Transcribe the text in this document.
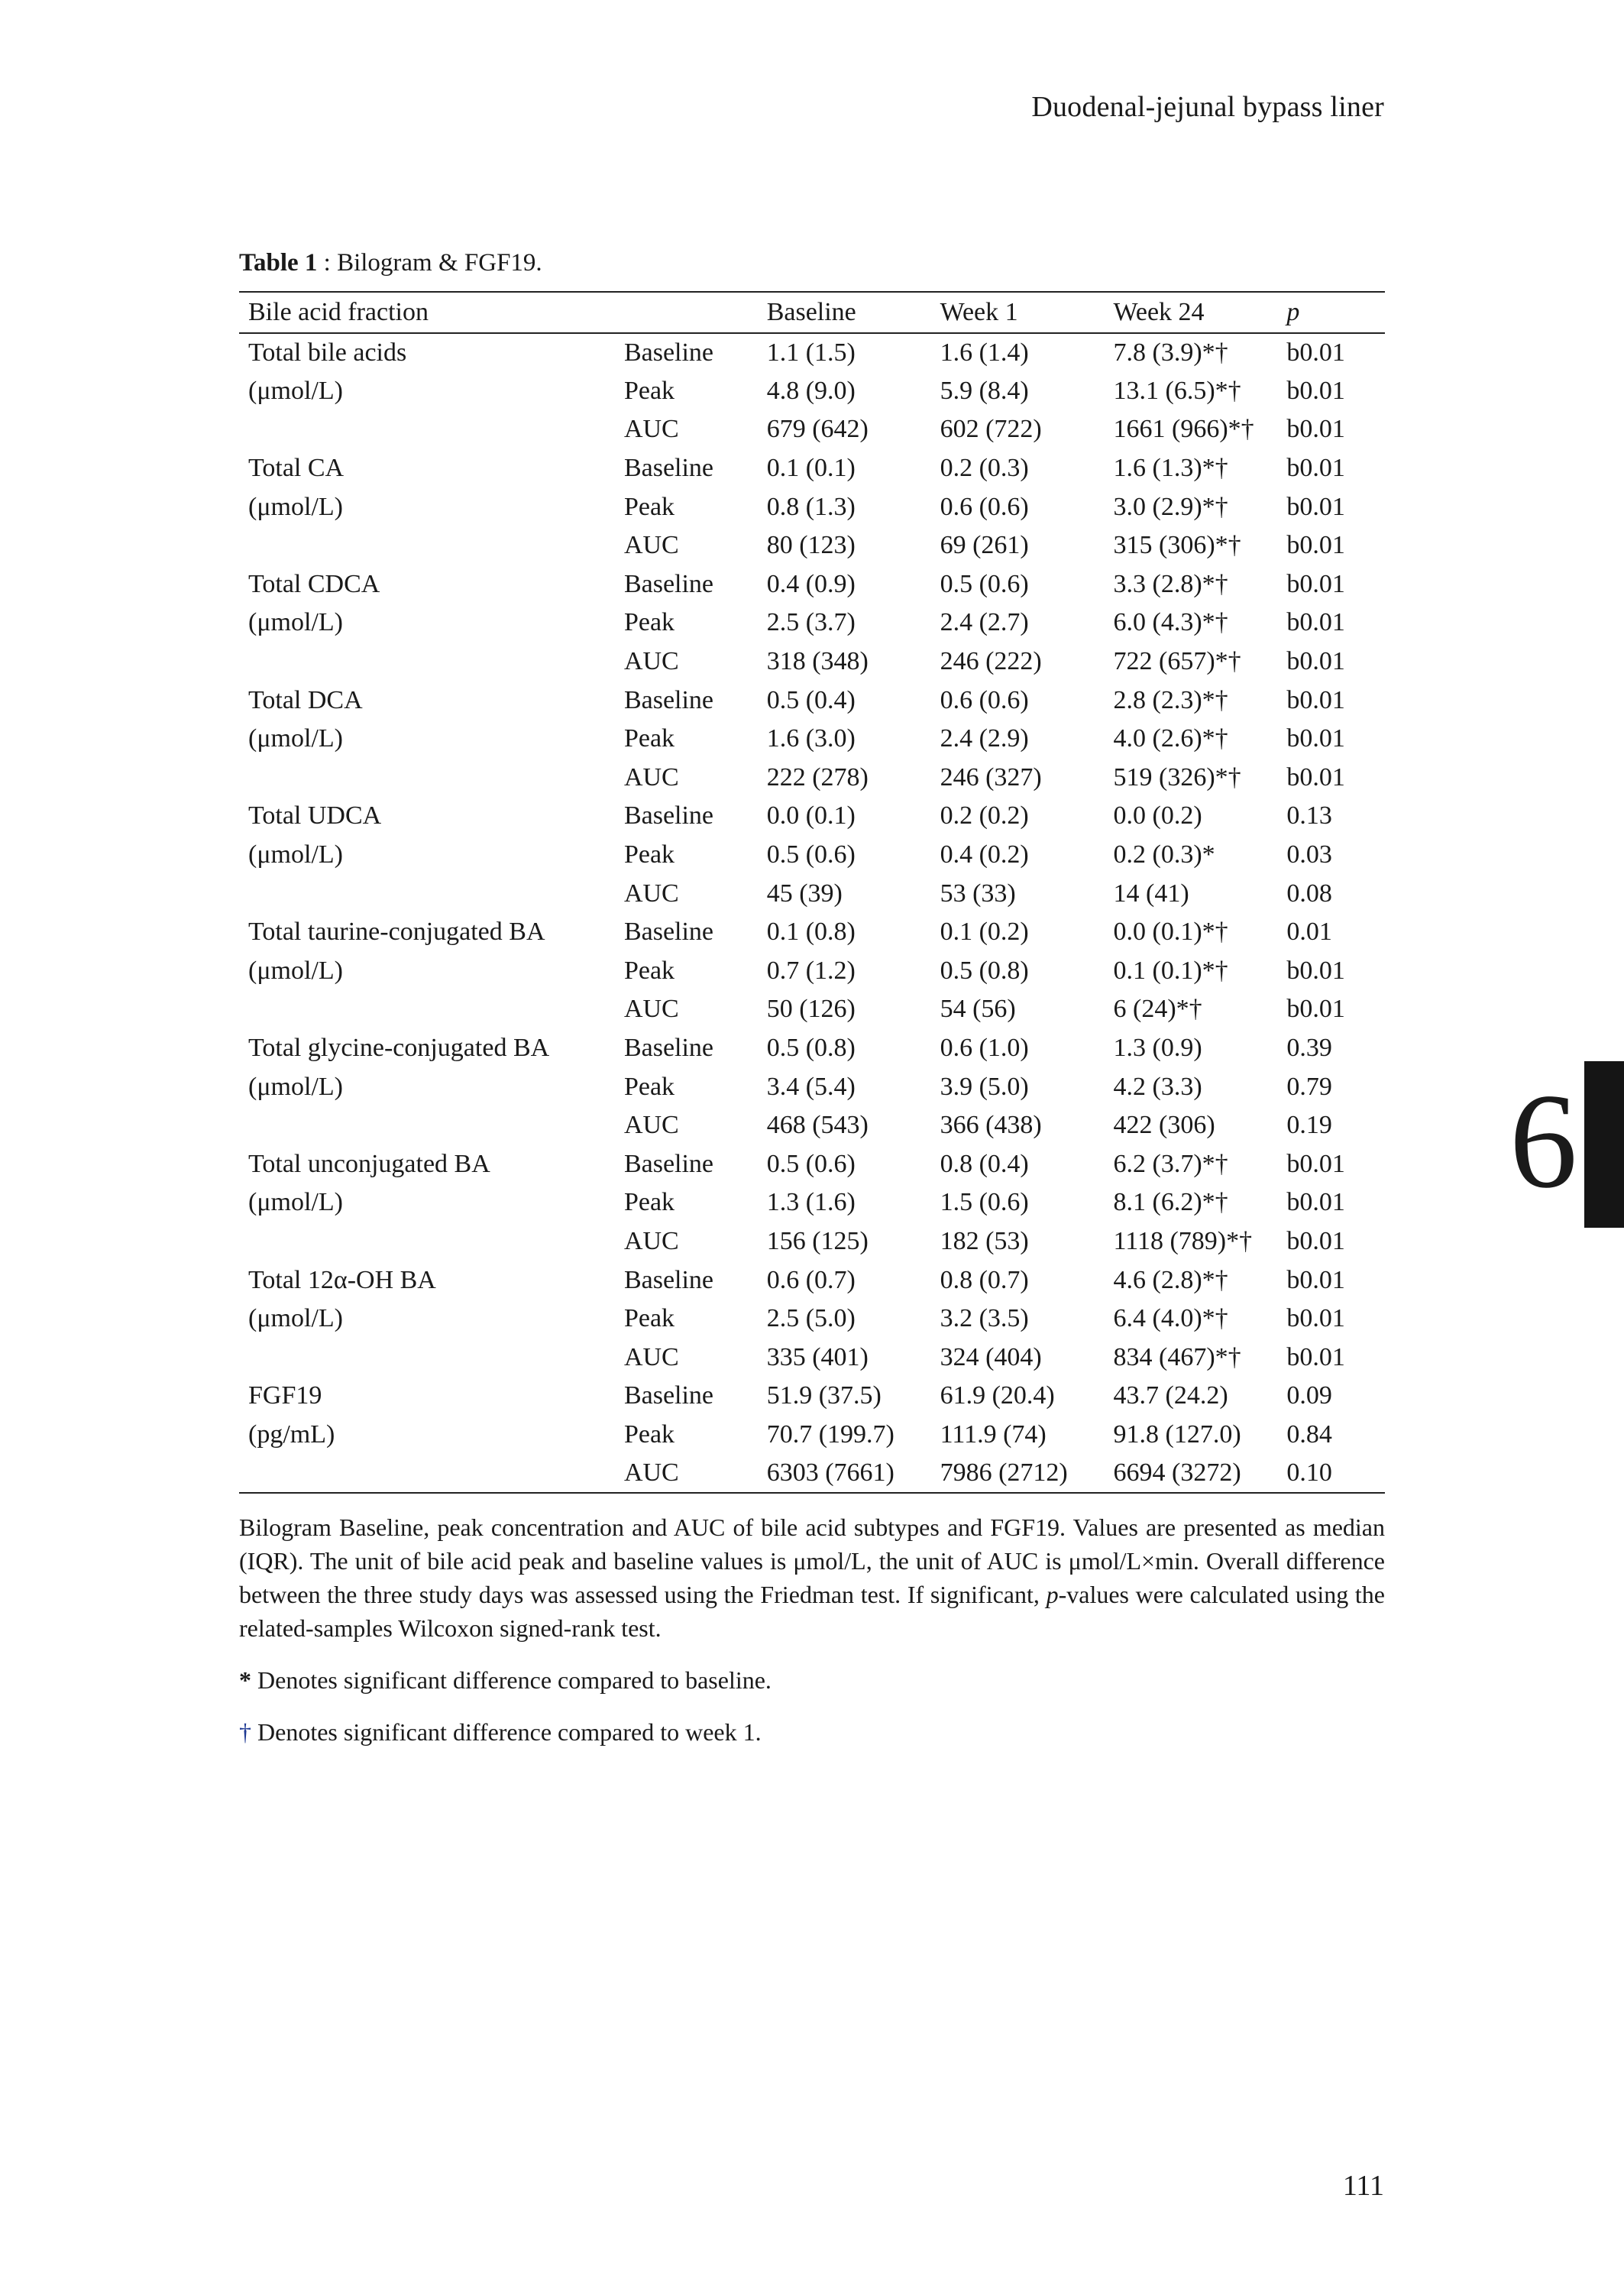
Duodenal-jejunal bypass liner
Table 1 : Bilogram & FGF19.
Bile acid fraction		Baseline	Week 1	Week 24	p
Total bile acids	Baseline	1.1 (1.5)	1.6 (1.4)	7.8 (3.9)*†	b0.01
(μmol/L)	Peak	4.8 (9.0)	5.9 (8.4)	13.1 (6.5)*†	b0.01
	AUC	679 (642)	602 (722)	1661 (966)*†	b0.01
Total CA	Baseline	0.1 (0.1)	0.2 (0.3)	1.6 (1.3)*†	b0.01
(μmol/L)	Peak	0.8 (1.3)	0.6 (0.6)	3.0 (2.9)*†	b0.01
	AUC	80 (123)	69 (261)	315 (306)*†	b0.01
Total CDCA	Baseline	0.4 (0.9)	0.5 (0.6)	3.3 (2.8)*†	b0.01
(μmol/L)	Peak	2.5 (3.7)	2.4 (2.7)	6.0 (4.3)*†	b0.01
	AUC	318 (348)	246 (222)	722 (657)*†	b0.01
Total DCA	Baseline	0.5 (0.4)	0.6 (0.6)	2.8 (2.3)*†	b0.01
(μmol/L)	Peak	1.6 (3.0)	2.4 (2.9)	4.0 (2.6)*†	b0.01
	AUC	222 (278)	246 (327)	519 (326)*†	b0.01
Total UDCA	Baseline	0.0 (0.1)	0.2 (0.2)	0.0 (0.2)	0.13
(μmol/L)	Peak	0.5 (0.6)	0.4 (0.2)	0.2 (0.3)*	0.03
	AUC	45 (39)	53 (33)	14 (41)	0.08
Total taurine-conjugated BA	Baseline	0.1 (0.8)	0.1 (0.2)	0.0 (0.1)*†	0.01
(μmol/L)	Peak	0.7 (1.2)	0.5 (0.8)	0.1 (0.1)*†	b0.01
	AUC	50 (126)	54 (56)	6 (24)*†	b0.01
Total glycine-conjugated BA	Baseline	0.5 (0.8)	0.6 (1.0)	1.3 (0.9)	0.39
(μmol/L)	Peak	3.4 (5.4)	3.9 (5.0)	4.2 (3.3)	0.79
	AUC	468 (543)	366 (438)	422 (306)	0.19
Total unconjugated BA	Baseline	0.5 (0.6)	0.8 (0.4)	6.2 (3.7)*†	b0.01
(μmol/L)	Peak	1.3 (1.6)	1.5 (0.6)	8.1 (6.2)*†	b0.01
	AUC	156 (125)	182 (53)	1118 (789)*†	b0.01
Total 12α-OH BA	Baseline	0.6 (0.7)	0.8 (0.7)	4.6 (2.8)*†	b0.01
(μmol/L)	Peak	2.5 (5.0)	3.2 (3.5)	6.4 (4.0)*†	b0.01
	AUC	335 (401)	324 (404)	834 (467)*†	b0.01
FGF19	Baseline	51.9 (37.5)	61.9 (20.4)	43.7 (24.2)	0.09
(pg/mL)	Peak	70.7 (199.7)	111.9 (74)	91.8 (127.0)	0.84
	AUC	6303 (7661)	7986 (2712)	6694 (3272)	0.10

Bilogram Baseline, peak concentration and AUC of bile acid subtypes and FGF19. Values are presented as median (IQR). The unit of bile acid peak and baseline values is μmol/L, the unit of AUC is μmol/L×min. Overall difference between the three study days was assessed using the Friedman test. If significant, p-values were calculated using the related-samples Wilcoxon signed-rank test.

* Denotes significant difference compared to baseline.

† Denotes significant difference compared to week 1.

6
111
